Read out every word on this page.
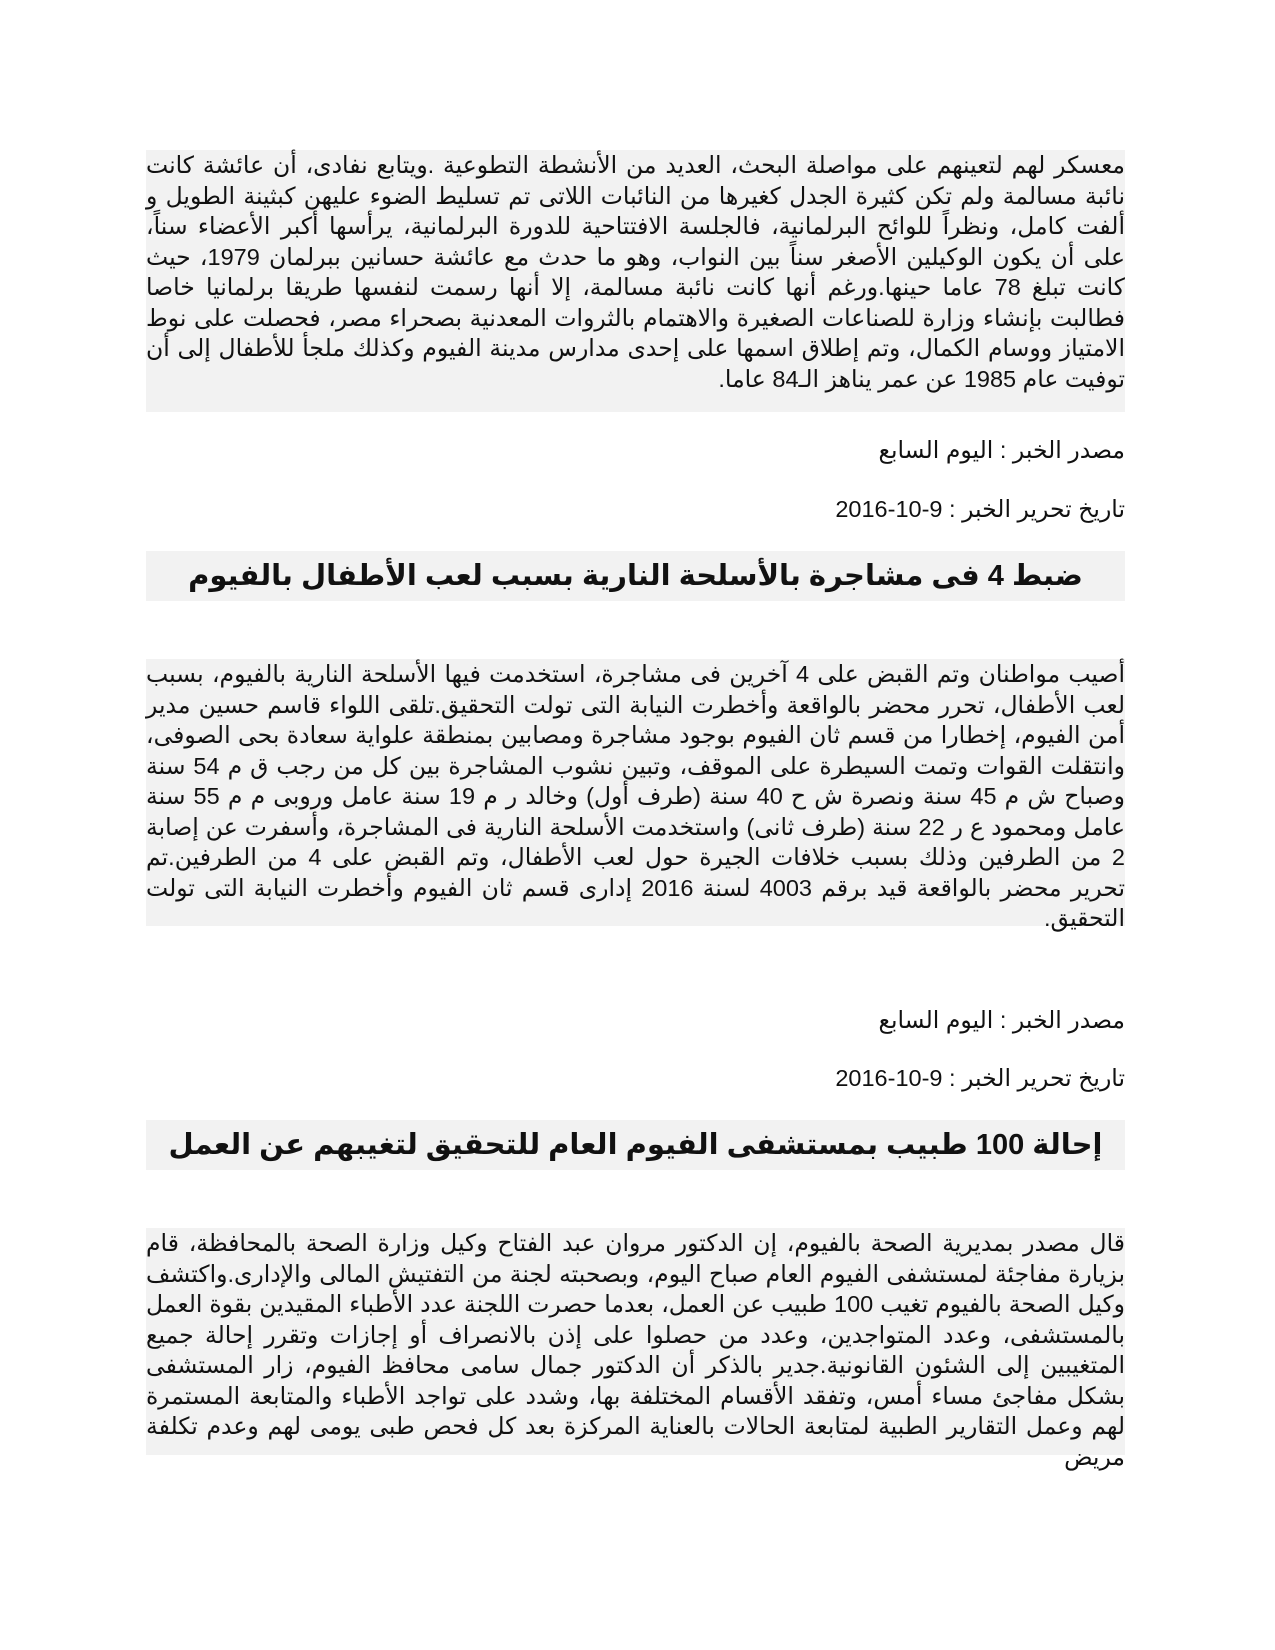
معسكر لهم لتعينهم على مواصلة البحث، العديد من الأنشطة التطوعية .ويتابع نفادى، أن عائشة كانت نائبة مسالمة ولم تكن كثيرة الجدل كغيرها من النائبات اللاتى تم تسليط الضوء عليهن كبثينة الطويل و ألفت كامل، ونظراً للوائح البرلمانية، فالجلسة الافتتاحية للدورة البرلمانية، يرأسها أكبر الأعضاء سناً، على أن يكون الوكيلين الأصغر سناً بين النواب، وهو ما حدث مع عائشة حسانين ببرلمان 1979، حيث كانت تبلغ 78 عاما حينها.ورغم أنها كانت نائبة مسالمة، إلا أنها رسمت لنفسها طريقا برلمانيا خاصا فطالبت بإنشاء وزارة للصناعات الصغيرة والاهتمام بالثروات المعدنية بصحراء مصر، فحصلت على نوط الامتياز ووسام الكمال، وتم إطلاق اسمها على إحدى مدارس مدينة الفيوم وكذلك ملجأ للأطفال إلى أن توفيت عام 1985 عن عمر يناهز الـ84 عاما.
مصدر الخبر : اليوم السابع
تاريخ تحرير الخبر : 9-10-2016
ضبط 4 فى مشاجرة بالأسلحة النارية بسبب لعب الأطفال بالفيوم
أصيب مواطنان وتم القبض على 4 آخرين فى مشاجرة، استخدمت فيها الأسلحة النارية بالفيوم، بسبب لعب الأطفال، تحرر محضر بالواقعة وأخطرت النيابة التى تولت التحقيق.تلقى اللواء قاسم حسين مدير أمن الفيوم، إخطارا من قسم ثان الفيوم بوجود مشاجرة ومصابين بمنطقة علواية سعادة بحى الصوفى، وانتقلت القوات وتمت السيطرة على الموقف، وتبين نشوب المشاجرة بين كل من رجب ق م 54 سنة وصباح ش م 45 سنة ونصرة ش ح 40 سنة (طرف أول) وخالد ر م 19 سنة عامل وروبى م م 55 سنة عامل ومحمود ع ر 22 سنة (طرف ثانى) واستخدمت الأسلحة النارية فى المشاجرة، وأسفرت عن إصابة 2 من الطرفين وذلك بسبب خلافات الجيرة حول لعب الأطفال، وتم القبض على 4 من الطرفين.تم تحرير محضر بالواقعة قيد برقم 4003 لسنة 2016 إدارى قسم ثان الفيوم وأخطرت النيابة التى تولت التحقيق.
مصدر الخبر : اليوم السابع
تاريخ تحرير الخبر : 9-10-2016
إحالة 100 طبيب بمستشفى الفيوم العام للتحقيق لتغيبهم عن العمل
قال مصدر بمديرية الصحة بالفيوم، إن الدكتور مروان عبد الفتاح وكيل وزارة الصحة بالمحافظة، قام بزيارة مفاجئة لمستشفى الفيوم العام صباح اليوم، وبصحبته لجنة من التفتيش المالى والإدارى.واكتشف وكيل الصحة بالفيوم تغيب 100 طبيب عن العمل، بعدما حصرت اللجنة عدد الأطباء المقيدين بقوة العمل بالمستشفى، وعدد المتواجدين، وعدد من حصلوا على إذن بالانصراف أو إجازات وتقرر إحالة جميع المتغيبين إلى الشئون القانونية.جدير بالذكر أن الدكتور جمال سامى محافظ الفيوم، زار المستشفى بشكل مفاجئ مساء أمس، وتفقد الأقسام المختلفة بها، وشدد على تواجد الأطباء والمتابعة المستمرة لهم وعمل التقارير الطبية لمتابعة الحالات بالعناية المركزة بعد كل فحص طبى يومى لهم وعدم تكلفة مريض
